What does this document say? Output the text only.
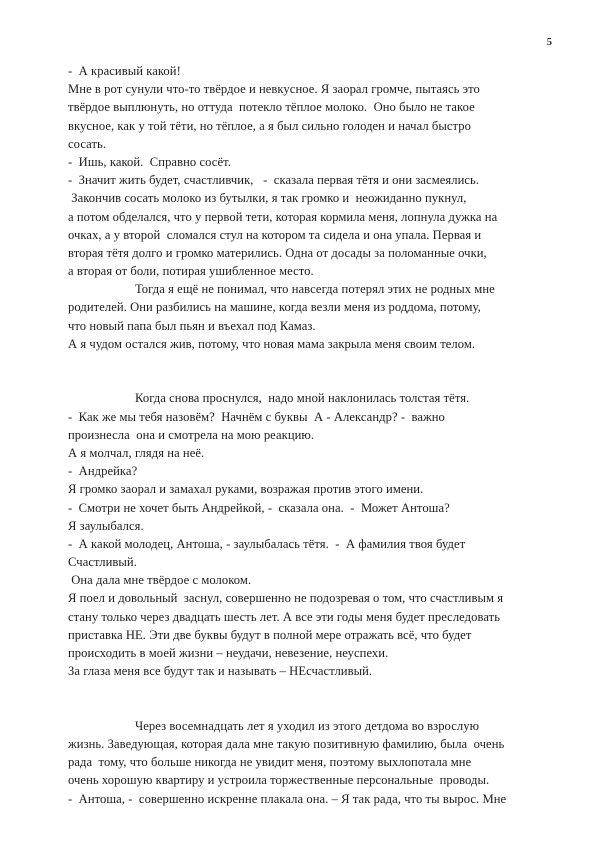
5
-  А красивый какой!
Мне в рот сунули что-то твёрдое и невкусное. Я заорал громче, пытаясь это
твёрдое выплюнуть, но оттуда  потекло тёплое молоко.  Оно было не такое
вкусное, как у той тёти, но тёплое, а я был сильно голоден и начал быстро
сосать.
-  Ишь, какой.  Справно сосёт.
-  Значит жить будет, счастливчик,   -  сказала первая тётя и они засмеялись.
Закончив сосать молоко из бутылки, я так громко и  неожиданно пукнул,
а потом обделался, что у первой тети, которая кормила меня, лопнула дужка на
очках, а у второй  сломался стул на котором та сидела и она упала. Первая и
вторая тётя долго и громко матерились. Одна от досады за поломанные очки,
а вторая от боли, потирая ушибленное место.
Тогда я ещё не понимал, что навсегда потерял этих не родных мне
родителей. Они разбились на машине, когда везли меня из роддома, потому,
что новый папа был пьян и въехал под Камаз.
А я чудом остался жив, потому, что новая мама закрыла меня своим телом.
Когда снова проснулся,  надо мной наклонилась толстая тётя.
-  Как же мы тебя назовём?  Начнём с буквы  А - Александр? -  важно
произнесла  она и смотрела на мою реакцию.
А я молчал, глядя на неё.
-  Андрейка?
Я громко заорал и замахал руками, возражая против этого имени.
-  Смотри не хочет быть Андрейкой, -  сказала она.  -  Может Антоша?
Я заулыбался.
-  А какой молодец, Антоша, - заулыбалась тётя.  -  А фамилия твоя будет
Счастливый.
Она дала мне твёрдое с молоком.
Я поел и довольный  заснул, совершенно не подозревая о том, что счастливым я
стану только через двадцать шесть лет. А все эти годы меня будет преследовать
приставка НЕ. Эти две буквы будут в полной мере отражать всё, что будет
происходить в моей жизни – неудачи, невезение, неуспехи.
За глаза меня все будут так и называть – НЕсчастливый.
Через восемнадцать лет я уходил из этого детдома во взрослую
жизнь. Заведующая, которая дала мне такую позитивную фамилию, была  очень
рада  тому, что больше никогда не увидит меня, поэтому выхлопотала мне
очень хорошую квартиру и устроила торжественные персональные  проводы.
-  Антоша, -  совершенно искренне плакала она. – Я так рада, что ты вырос. Мне
